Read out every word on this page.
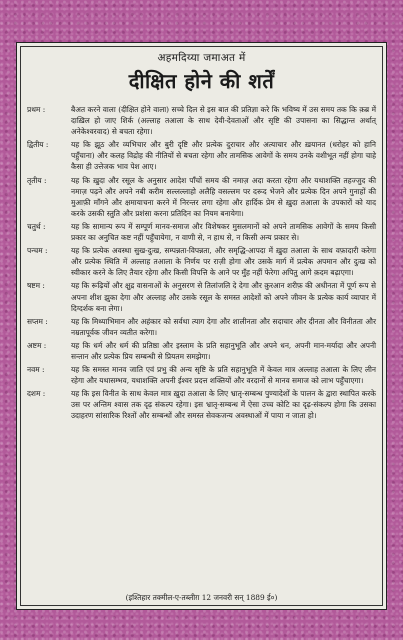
अहमदिय्या जमाअत में
दीक्षित होने की शर्तें
प्रथम :	बैअत करने वाला (दीक्षित होने वाला) सच्चे दिल से इस बात की प्रतिज्ञा करे कि भविष्य में उस समय तक कि क़ब्र में दाख़िल हो जाए शिर्क (अल्लाह तआला के साथ देवी-देवताओं और सृष्टि की उपासना का सिद्धान्त अर्थात् अनेकेश्वरवाद) से बचता रहेगा।
द्वितीय :	यह कि झूठ और व्यभिचार और बुरी दृष्टि और प्रत्येक दुराचार और अत्याचार और ख़यानत (धरोहर को हानि पहुँचाना) और कलह विद्रोह की नीतियों से बचता रहेगा और तामसिक आवेगों के समय उनके वशीभूत नहीं होगा चाहे कैसा ही उत्तेजक भाव पेश आए।
तृतीय :	यह कि ख़ुदा और रसूल के अनुसार आदेश पाँचों समय की नमाज़ अदा करता रहेगा और यथाशक्ति तहज्जुद की नमाज़ पढ़ने और अपने नबी करीम सल्लल्लाहो अलैहि वसल्लम पर दरूद भेजने और प्रत्येक दिन अपने गुनाहों की मुआफ़ी माँगने और क्षमायाचना करने में निरन्तर लगा रहेगा और हार्दिक प्रेम से ख़ुदा तआला के उपकारों को याद करके उसकी स्तुति और प्रशंसा करना प्रतिदिन का नियम बनायेगा।
चतुर्थ :	यह कि सामान्य रूप में सम्पूर्ण मानव-समाज और विशेषकर मुसलमानों को अपने तामसिक आवेगों के समय किसी प्रकार का अनुचित कष्ट नहीं पहुँचायेगा, न वाणी से, न हाथ से, न किसी अन्य प्रकार से।
पन्चम :	यह कि प्रत्येक अवस्था सुख-दुःख, सम्पन्नता-विपन्नता, और समृद्धि-आपदा में ख़ुदा तआला के साथ वफ़ादारी करेगा और प्रत्येक स्थिति में अल्लाह तआला के निर्णय पर राज़ी होगा और उसके मार्ग में प्रत्येक अपमान और दुःख को स्वीकार करने के लिए तैयार रहेगा और किसी विपत्ति के आने पर मुँह नहीं फेरेगा अपितु आगे क़दम बढ़ाएगा।
षष्टम :	यह कि रूढ़ियों और क्षुद्र वासनाओं के अनुसरण से तिलांजलि दे देगा और क़ुरआन शरीफ़ की अधीनता में पूर्ण रूप से अपना शीश झुका देगा और अल्लाह और उसके रसूल के समस्त आदेशों को अपने जीवन के प्रत्येक कार्य व्यापार में दिग्दर्शक बना लेगा।
सप्तम :	यह कि मिथ्याभिमान और अहंकार को सर्वथा त्याग देगा और शालीनता और सदाचार और दीनता और विनीतता और नम्रतापूर्वक जीवन व्यतीत करेगा।
अष्टम :	यह कि धर्म और धर्म की प्रतिष्ठा और इस्लाम के प्रति सहानुभूति और अपने धन, अपनी मान-मर्यादा और अपनी सन्तान और प्रत्येक प्रिय सम्बन्धी से प्रियतम समझेगा।
नवम :	यह कि समस्त मानव जाति एवं प्रभु की अन्य सृष्टि के प्रति सहानुभूति में केवल मात्र अल्लाह तआला के लिए लीन रहेगा और यथासम्भव, यथाशक्ति अपनी ईश्वर प्रदत्त शक्तियों और वरदानों से मानव समाज को लाभ पहुँचाएगा।
दशम :	यह कि इस विनीत के साथ केवल मात्र ख़ुदा तआला के लिए भ्रातृ-सम्बन्ध पुण्यादेशों के पालन के द्वारा स्थापित करके उस पर अन्तिम श्वास तक दृढ़ संकल्प रहेगा। इस भ्रातृ-सम्बन्ध में ऐसा उच्च कोटि का दृढ़-संकल्प होगा कि उसका उदाहरण सांसारिक रिश्तों और सम्बन्धों और समस्त सेवकजन्य अवस्थाओं में पाया न जाता हो।
(इश्तिहार तक्मील-ए-तब्लीग़ 12 जनवरी सन् 1889 ई०)
